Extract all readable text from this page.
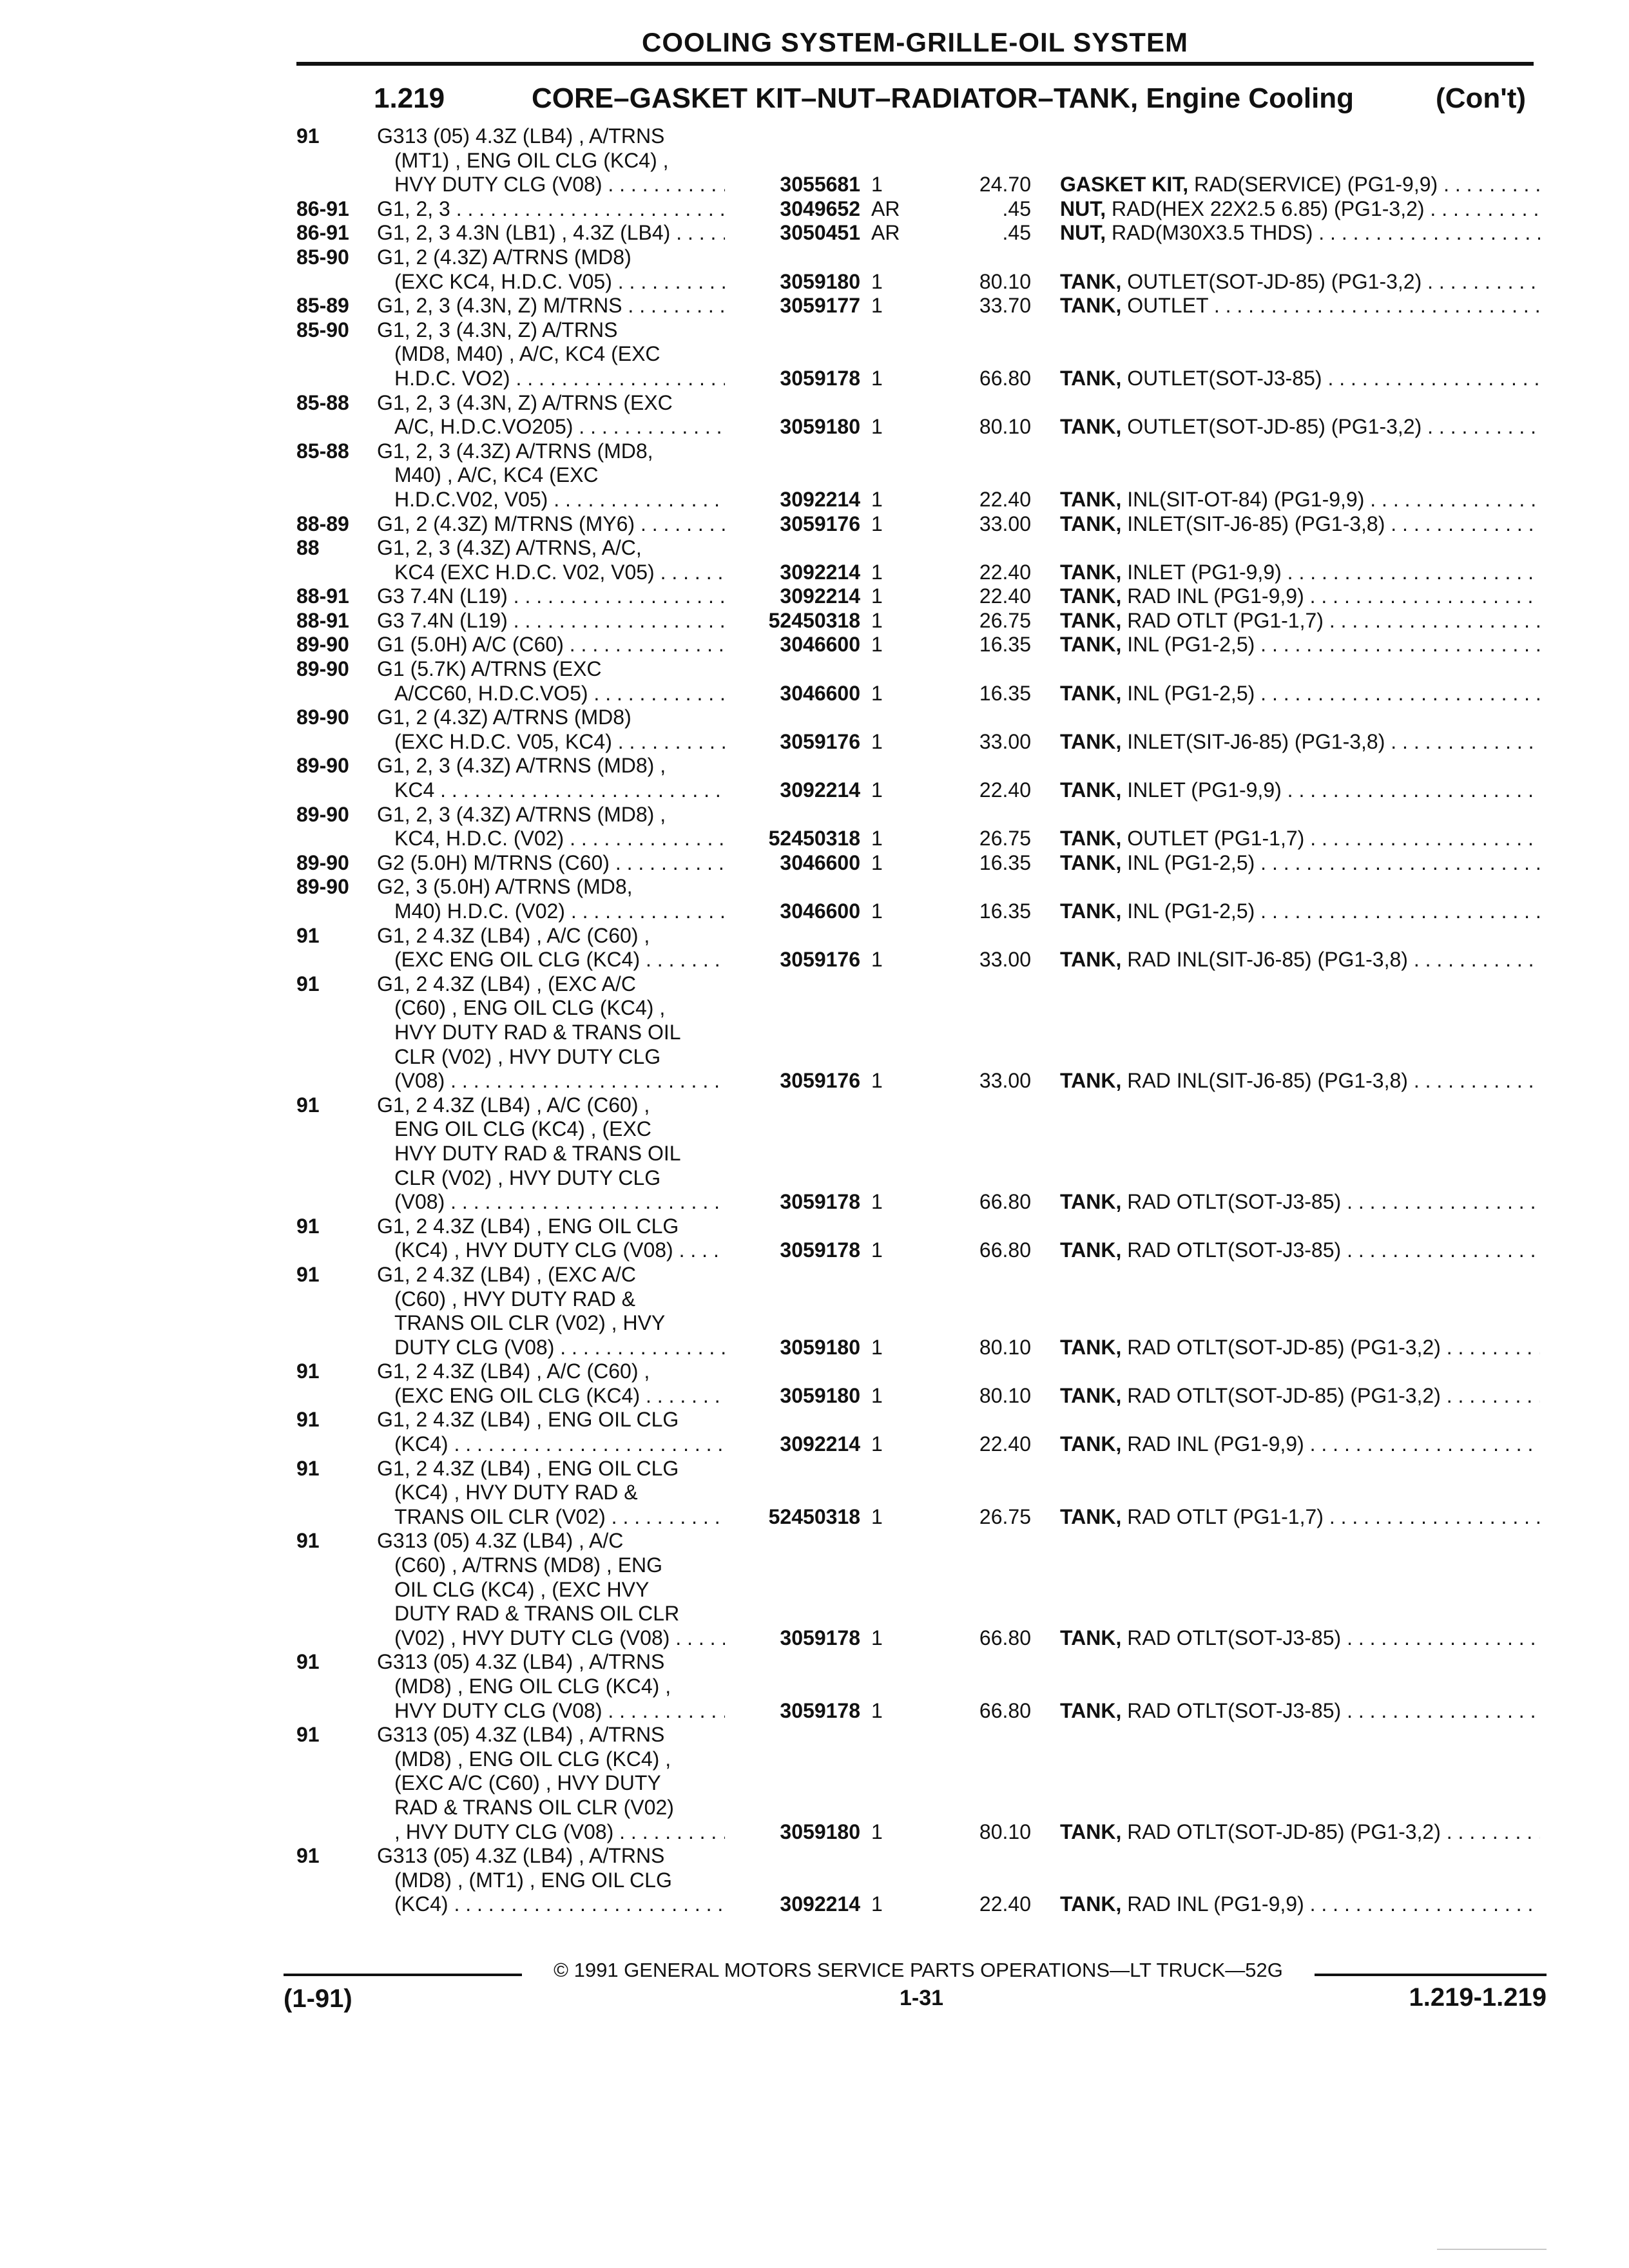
COOLING SYSTEM-GRILLE-OIL SYSTEM
1.219	CORE–GASKET KIT–NUT–RADIATOR–TANK, Engine Cooling	(Con't)
91	G313 (05) 4.3Z (LB4) , A/TRNS
(MT1) , ENG OIL CLG (KC4) ,
HVY DUTY CLG (V08) . . .	3055681 1	24.70 GASKET KIT, RAD(SERVICE) (PG1-9,9) . . .
86-91 G1, 2, 3 . . .	3049652 AR	.45 NUT, RAD(HEX 22X2.5 6.85) (PG1-3,2) . . .
86-91 G1, 2, 3 4.3N (LB1) , 4.3Z (LB4) . . .	3050451 AR	.45 NUT, RAD(M30X3.5 THDS) . . .
85-90 G1, 2 (4.3Z) A/TRNS (MD8)
(EXC KC4, H.D.C. V05) . . .	3059180 1	80.10 TANK, OUTLET(SOT-JD-85) (PG1-3,2) . . .
85-89 G1, 2, 3 (4.3N, Z) M/TRNS . . .	3059177 1	33.70 TANK, OUTLET . . .
85-90 G1, 2, 3 (4.3N, Z) A/TRNS
(MD8, M40) , A/C, KC4 (EXC
H.D.C. VO2) . . .	3059178 1	66.80 TANK, OUTLET(SOT-J3-85) . . .
85-88 G1, 2, 3 (4.3N, Z) A/TRNS (EXC
A/C, H.D.C.VO205) . . .	3059180 1	80.10 TANK, OUTLET(SOT-JD-85) (PG1-3,2) . . .
85-88 G1, 2, 3 (4.3Z) A/TRNS (MD8,
M40) , A/C, KC4 (EXC
H.D.C.V02, V05) . . .	3092214 1	22.40 TANK, INL(SIT-OT-84) (PG1-9,9) . . .
88-89 G1, 2 (4.3Z) M/TRNS (MY6) . . .	3059176 1	33.00 TANK, INLET(SIT-J6-85) (PG1-3,8) . . .
88	G1, 2, 3 (4.3Z) A/TRNS, A/C,
KC4 (EXC H.D.C. V02, V05) . . .	3092214 1	22.40 TANK, INLET (PG1-9,9) . . .
88-91 G3 7.4N (L19) . . .	3092214 1	22.40 TANK, RAD INL (PG1-9,9) . . .
88-91 G3 7.4N (L19) . . .	52450318 1	26.75 TANK, RAD OTLT (PG1-1,7) . . .
89-90 G1 (5.0H) A/C (C60) . . .	3046600 1	16.35 TANK, INL (PG1-2,5) . . .
89-90 G1 (5.7K) A/TRNS (EXC
A/CC60, H.D.C.VO5) . . .	3046600 1	16.35 TANK, INL (PG1-2,5) . . .
89-90 G1, 2 (4.3Z) A/TRNS (MD8)
(EXC H.D.C. V05, KC4) . . .	3059176 1	33.00 TANK, INLET(SIT-J6-85) (PG1-3,8) . . .
89-90 G1, 2, 3 (4.3Z) A/TRNS (MD8) ,
KC4 . . .	3092214 1	22.40 TANK, INLET (PG1-9,9) . . .
89-90 G1, 2, 3 (4.3Z) A/TRNS (MD8) ,
KC4, H.D.C. (V02) . . .	52450318 1	26.75 TANK, OUTLET (PG1-1,7) . . .
89-90 G2 (5.0H) M/TRNS (C60) . . .	3046600 1	16.35 TANK, INL (PG1-2,5) . . .
89-90 G2, 3 (5.0H) A/TRNS (MD8,
M40) H.D.C. (V02) . . .	3046600 1	16.35 TANK, INL (PG1-2,5) . . .
91	G1, 2 4.3Z (LB4) , A/C (C60) ,
(EXC ENG OIL CLG (KC4) . . .	3059176 1	33.00 TANK, RAD INL(SIT-J6-85) (PG1-3,8) . . .
91	G1, 2 4.3Z (LB4) , (EXC A/C
(C60) , ENG OIL CLG (KC4) ,
HVY DUTY RAD & TRANS OIL
CLR (V02) , HVY DUTY CLG
(V08) . . .	3059176 1	33.00 TANK, RAD INL(SIT-J6-85) (PG1-3,8) . . .
91	G1, 2 4.3Z (LB4) , A/C (C60) ,
ENG OIL CLG (KC4) , (EXC
HVY DUTY RAD & TRANS OIL
CLR (V02) , HVY DUTY CLG
(V08) . . .	3059178 1	66.80 TANK, RAD OTLT(SOT-J3-85) . . .
91	G1, 2 4.3Z (LB4) , ENG OIL CLG
(KC4) , HVY DUTY CLG (V08) . . .	3059178 1	66.80 TANK, RAD OTLT(SOT-J3-85) . . .
91	G1, 2 4.3Z (LB4) , (EXC A/C
(C60) , HVY DUTY RAD &
TRANS OIL CLR (V02) , HVY
DUTY CLG (V08) . . .	3059180 1	80.10 TANK, RAD OTLT(SOT-JD-85) (PG1-3,2) . . .
91	G1, 2 4.3Z (LB4) , A/C (C60) ,
(EXC ENG OIL CLG (KC4) . . .	3059180 1	80.10 TANK, RAD OTLT(SOT-JD-85) (PG1-3,2) . . .
91	G1, 2 4.3Z (LB4) , ENG OIL CLG
(KC4) . . .	3092214 1	22.40 TANK, RAD INL (PG1-9,9) . . .
91	G1, 2 4.3Z (LB4) , ENG OIL CLG
(KC4) , HVY DUTY RAD &
TRANS OIL CLR (V02) . . .	52450318 1	26.75 TANK, RAD OTLT (PG1-1,7) . . .
91	G313 (05) 4.3Z (LB4) , A/C
(C60) , A/TRNS (MD8) , ENG
OIL CLG (KC4) , (EXC HVY
DUTY RAD & TRANS OIL CLR
(V02) , HVY DUTY CLG (V08) . . .	3059178 1	66.80 TANK, RAD OTLT(SOT-J3-85) . . .
91	G313 (05) 4.3Z (LB4) , A/TRNS
(MD8) , ENG OIL CLG (KC4) ,
HVY DUTY CLG (V08) . . .	3059178 1	66.80 TANK, RAD OTLT(SOT-J3-85) . . .
91	G313 (05) 4.3Z (LB4) , A/TRNS
(MD8) , ENG OIL CLG (KC4) ,
(EXC A/C (C60) , HVY DUTY
RAD & TRANS OIL CLR (V02)
, HVY DUTY CLG (V08) . . .	3059180 1	80.10 TANK, RAD OTLT(SOT-JD-85) (PG1-3,2) . . .
91	G313 (05) 4.3Z (LB4) , A/TRNS
(MD8) , (MT1) , ENG OIL CLG
(KC4) . . .	3092214 1	22.40 TANK, RAD INL (PG1-9,9) . . .
© 1991 GENERAL MOTORS SERVICE PARTS OPERATIONS—LT TRUCK—52G
(1-91)	1-31	1.219-1.219
